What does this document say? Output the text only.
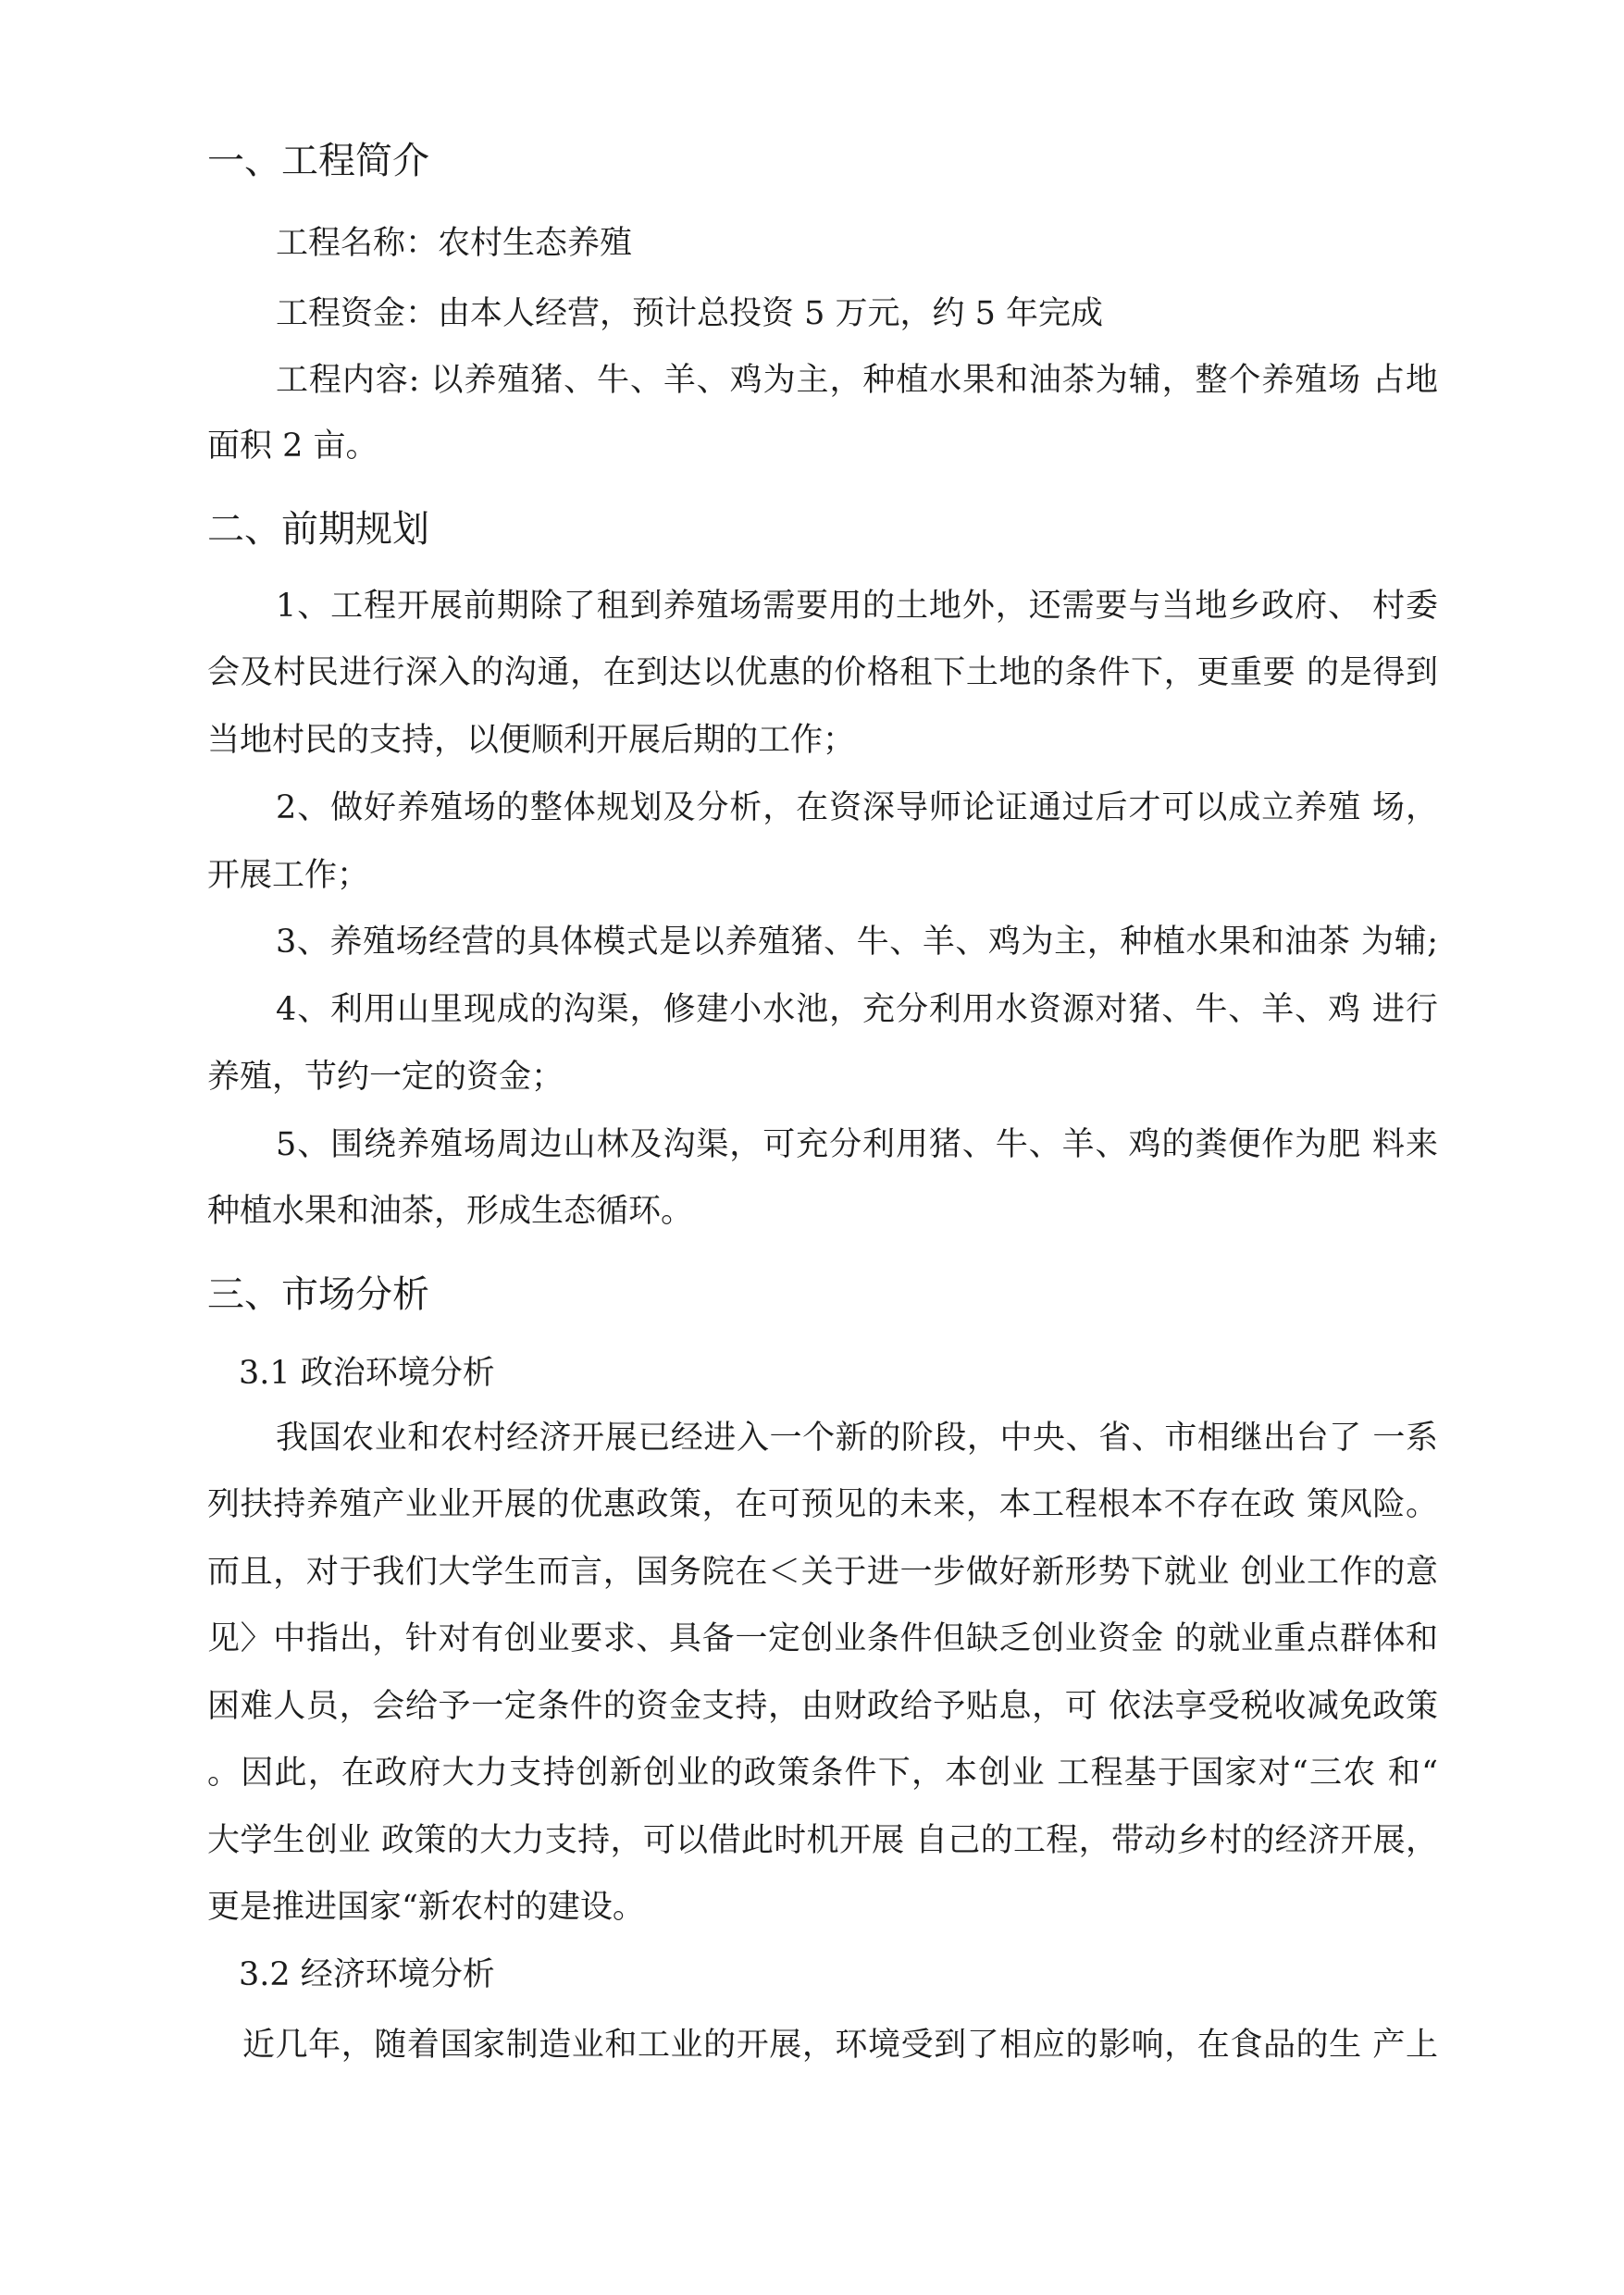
一、工程简介
工程名称：农村生态养殖
工程资金：由本人经营，预计总投资 5 万元，约 5 年完成
工程内容: 以养殖猪、牛、羊、鸡为主，种植水果和油茶为辅，整个养殖场 占地
面积 2 亩。
二、前期规划
1、工程开展前期除了租到养殖场需要用的土地外，还需要与当地乡政府、 村委
会及村民进行深入的沟通，在到达以优惠的价格租下土地的条件下，更重要 的是得到
当地村民的支持，以便顺利开展后期的工作；
2、做好养殖场的整体规划及分析，在资深导师论证通过后才可以成立养殖 场，
开展工作；
3、养殖场经营的具体模式是以养殖猪、牛、羊、鸡为主，种植水果和油茶 为辅;
4、利用山里现成的沟渠，修建小水池，充分利用水资源对猪、牛、羊、鸡 进行
养殖，节约一定的资金；
5、围绕养殖场周边山林及沟渠，可充分利用猪、牛、羊、鸡的粪便作为肥 料来
种植水果和油茶，形成生态循环。
三、市场分析
3.1 政治环境分析
我国农业和农村经济开展已经进入一个新的阶段，中央、省、市相继出台了 一系
列扶持养殖产业业开展的优惠政策，在可预见的未来，本工程根本不存在政 策风险。
而且，对于我们大学生而言，国务院在＜关于进一步做好新形势下就业 创业工作的意
见〉中指出，针对有创业要求、具备一定创业条件但缺乏创业资金 的就业重点群体和
困难人员，会给予一定条件的资金支持，由财政给予贴息，可 依法享受税收减免政策
。因此，在政府大力支持创新创业的政策条件下，本创业 工程基于国家对“三农 和“
大学生创业 政策的大力支持，可以借此时机开展 自己的工程，带动乡村的经济开展，
更是推进国家“新农村的建设。
3.2 经济环境分析
近几年，随着国家制造业和工业的开展，环境受到了相应的影响，在食品的生 产上
